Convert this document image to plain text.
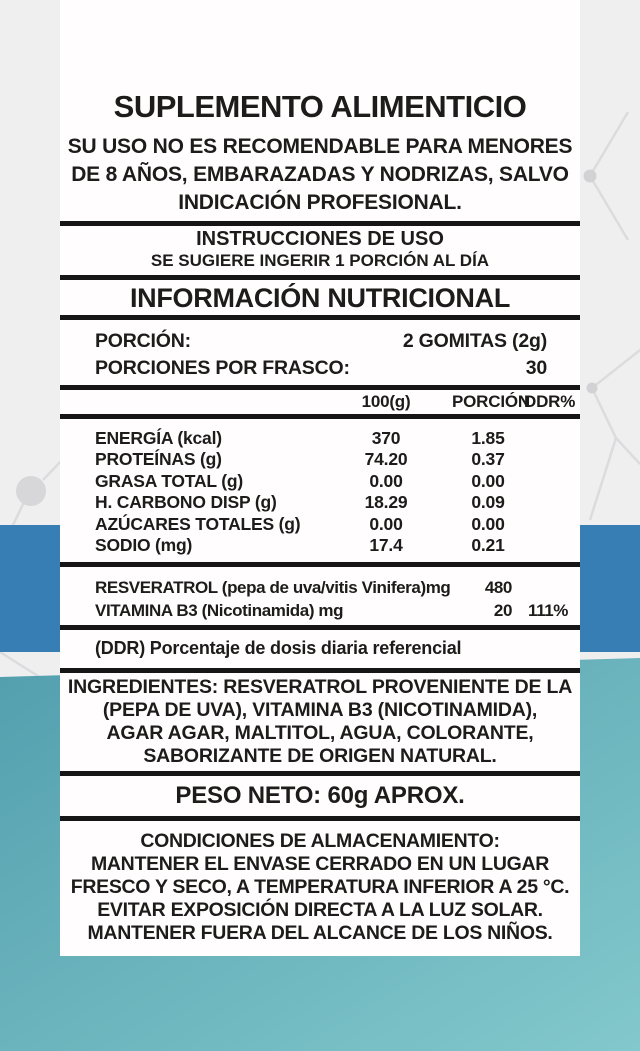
SUPLEMENTO ALIMENTICIO
SU USO NO ES RECOMENDABLE PARA MENORES
DE 8 AÑOS, EMBARAZADAS Y NODRIZAS, SALVO
INDICACIÓN PROFESIONAL.
INSTRUCCIONES DE USO
SE SUGIERE INGERIR 1 PORCIÓN AL DÍA
INFORMACIÓN NUTRICIONAL
PORCIÓN:	2 GOMITAS (2g)
PORCIONES POR FRASCO:	30
100(g)	PORCIÓN
DDR%
ENERGÍA (kcal)	370	1.85
PROTEÍNAS (g)	74.20	0.37
GRASA TOTAL (g)	0.00	0.00
H. CARBONO DISP (g)	18.29	0.09
AZÚCARES TOTALES (g)	0.00	0.00
SODIO (mg)	17.4	0.21
RESVERATROL (pepa de uva/vitis Vinifera)mg 480
VITAMINA B3 (Nicotinamida) mg	20 111%
(DDR) Porcentaje de dosis diaria referencial
INGREDIENTES: RESVERATROL PROVENIENTE DE LA
(PEPA DE UVA), VITAMINA B3 (NICOTINAMIDA),
AGAR AGAR, MALTITOL, AGUA, COLORANTE,
SABORIZANTE DE ORIGEN NATURAL.
PESO NETO: 60g APROX.
CONDICIONES DE ALMACENAMIENTO:
MANTENER EL ENVASE CERRADO EN UN LUGAR
FRESCO Y SECO, A TEMPERATURA INFERIOR A 25 °C.
EVITAR EXPOSICIÓN DIRECTA A LA LUZ SOLAR.
MANTENER FUERA DEL ALCANCE DE LOS NIÑOS.
